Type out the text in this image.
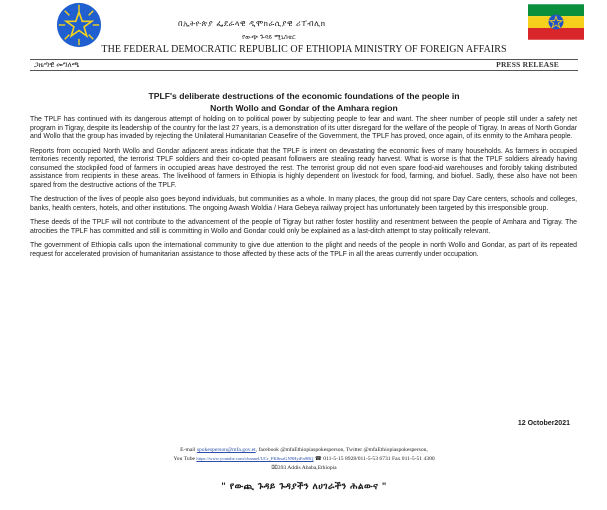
በኢትዮጵያ ፌደራላዊ ዲሞክራሲያዊ ሪፐብሊክ
የውጭ ጉዳይ ሚኒስቴር
THE FEDERAL DEMOCRATIC REPUBLIC OF ETHIOPIA MINISTRY OF FOREIGN AFFAIRS
ጋዜጣዊ መግለጫ	PRESS RELEASE
TPLF's deliberate destructions of the economic foundations of the people in
North Wollo and Gondar of the Amhara region

The TPLF has continued with its dangerous attempt of holding on to political power by subjecting people to fear and want. The sheer number of people still under a safety net program in Tigray, despite its leadership of the country for the last 27 years, is a demonstration of its utter disregard for the welfare of the people of Tigray. In areas of North Gondar and Wollo that the group has invaded by rejecting the Unilateral Humanitarian Ceasefire of the Government, the TPLF has proved, once again, of its enmity to the Amhara people.

Reports from occupied North Wollo and Gondar adjacent areas indicate that the TPLF is intent on devastating the economic lives of many households. As farmers in occupied territories recently reported, the terrorist TPLF soldiers and their co-opted peasant followers are stealing ready harvest. What is worse is that the TPLF soldiers already having consumed the stockpiled food of farmers in occupied areas have destroyed the rest. The terrorist group did not even spare food-aid warehouses and forcibly taking distributed assistance from recipients in these areas. The livelihood of farmers in Ethiopia is highly dependent on livestock for food, farming, and biofuel. Sadly, these also have not been spared from the destructive actions of the TPLF.

The destruction of the lives of people also goes beyond individuals, but communities as a whole. In many places, the group did not spare Day Care centers, schools and colleges, banks, health centers, hotels, and other institutions. The ongoing Awash Woldia / Hara Gebeya railway project has unfortunately been targeted by this irresponsible group.

These deeds of the TPLF will not contribute to the advancement of the people of Tigray but rather foster hostility and resentment between the people of Amhara and Tigray. The atrocities the TPLF has committed and still is committing in Wollo and Gondar could only be explained as a last-ditch attempt to stay politically relevant.

The government of Ethiopia calls upon the international community to give due attention to the plight and needs of the people in north Wollo and Gondar, as part of its repeated request for accelerated provision of humanitarian assistance to those affected by these acts of the TPLF in all the areas currently under occupation.

12 October2021
E-mail spokesperson@mfa.gov.et, facebook @mfaEthiopiaspokesperson, Twitter @mfaEthiopiaspokesperson,
You Tube https://www.youtube.com/channel/UCr_FKlbsaGN9HyiFn9RQ ☎ 011-5-15 8928/011-5-53 6731 Fax 011-5-51 4300
⌧393 Addis Ababa,Ethiopia
" የውጪ ጉዳይ ጉዳያችን ለሀገራችን ሕልውና "
